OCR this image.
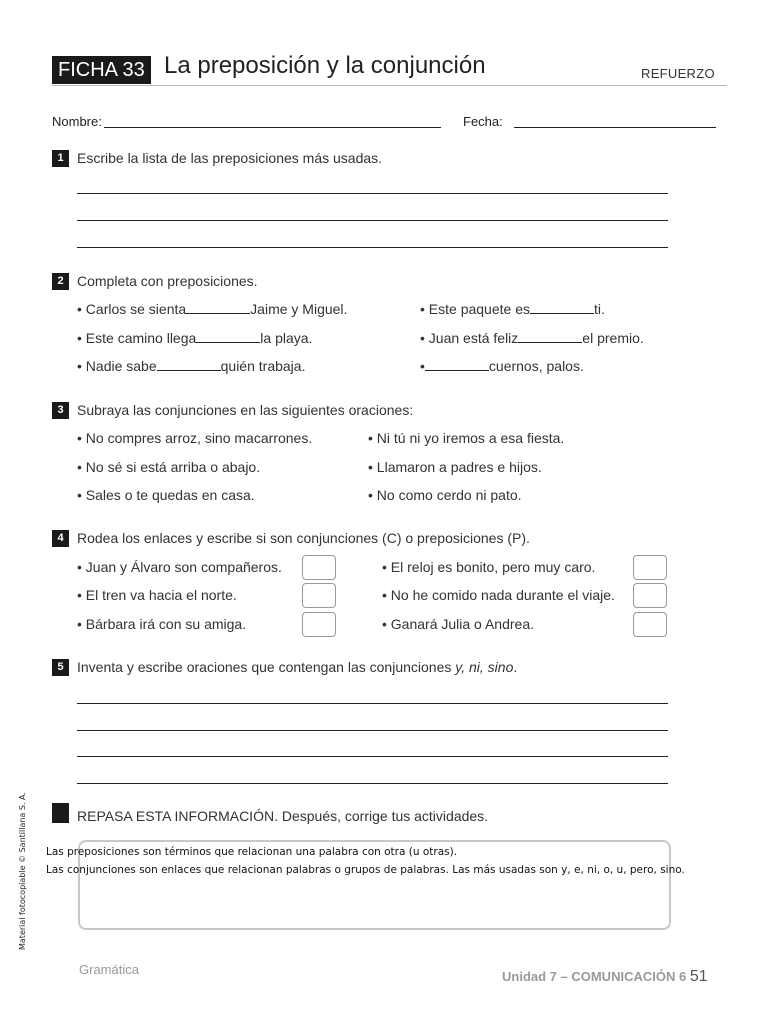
FICHA 33 La preposición y la conjunción	REFUERZO
Nombre:	Fecha:
1 Escribe la lista de las preposiciones más usadas.
2 Completa con preposiciones.
• Carlos se sienta	Jaime y Miguel.	• Este paquete es	ti.
• Este camino llega	la playa.	• Juan está feliz	el premio.
• Nadie sabe	quién trabaja.	•	cuernos, palos.
3 Subraya las conjunciones en las siguientes oraciones:
• No compres arroz, sino macarrones.	• Ni tú ni yo iremos a esa fiesta.
• No sé si está arriba o abajo.	• Llamaron a padres e hijos.
• Sales o te quedas en casa.	• No como cerdo ni pato.
4 Rodea los enlaces y escribe si son conjunciones (C) o preposiciones (P).
• Juan y Álvaro son compañeros.	• El reloj es bonito, pero muy caro.
• El tren va hacia el norte.	• No he comido nada durante el viaje.
• Bárbara irá con su amiga.	• Ganará Julia o Andrea.
5 Inventa y escribe oraciones que contengan las conjunciones y, ni, sino.
REPASA ESTA INFORMACIÓN. Después, corrige tus actividades.
Las preposiciones son términos que relacionan una palabra con otra (u otras).
Las conjunciones son enlaces que relacionan palabras o grupos de palabras. Las más usadas son y, e, ni, o, u, pero, sino.
Material fotocopiable © Santillana S. A.
Gramática	Unidad 7 – COMUNICACIÓN 6 51
